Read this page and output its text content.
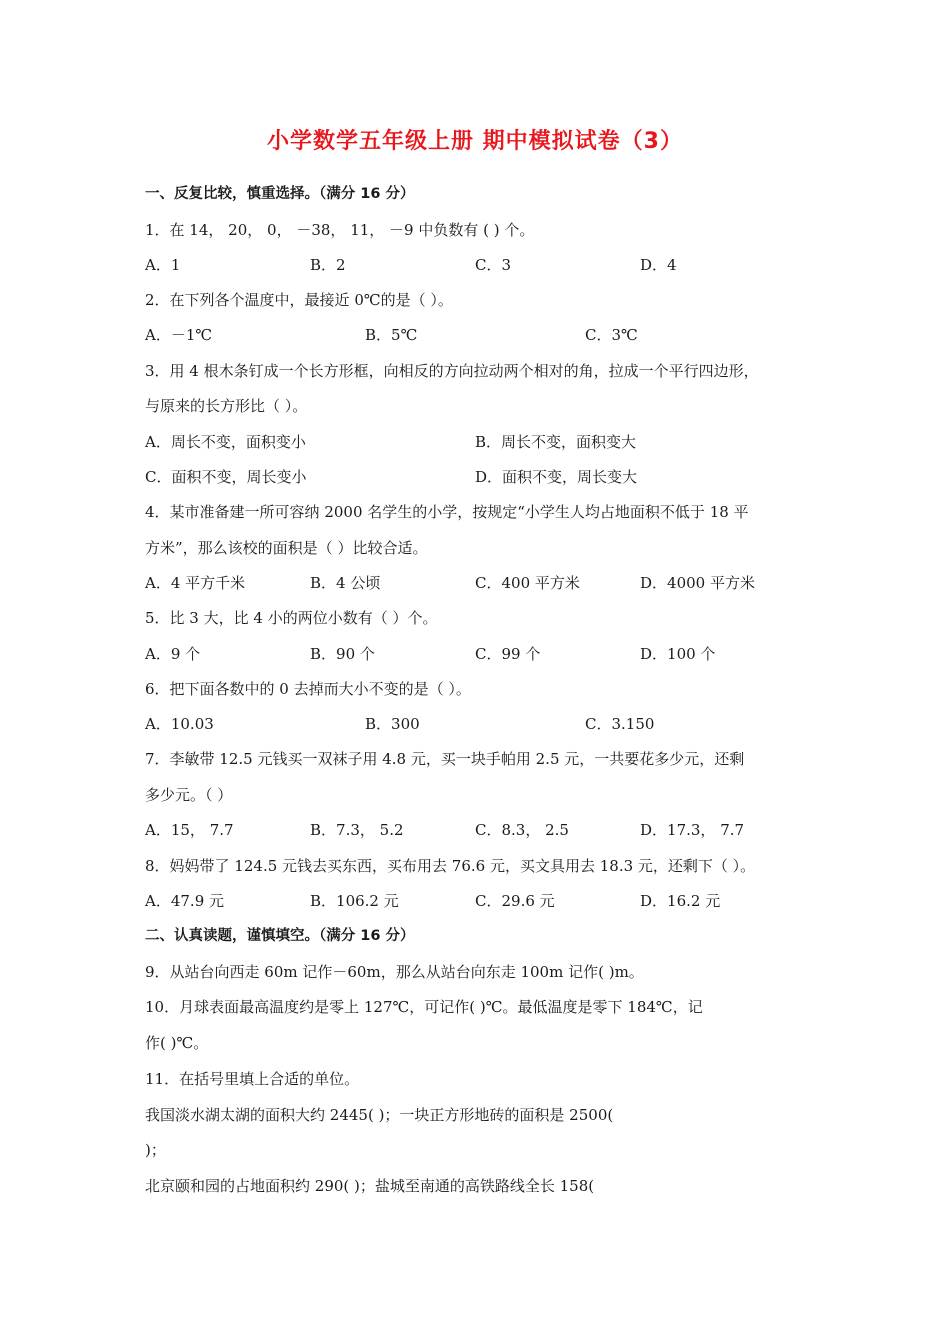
小学数学五年级上册 期中模拟试卷（3）
一、反复比较，慎重选择。（满分 16 分）
1．在 14， 20， 0， －38， 11， －9 中负数有 ( ) 个。
A．1	B．2	C．3	D．4
2．在下列各个温度中，最接近 0℃的是（ ）。
A．－1℃	B．5℃	C．3℃
3．用 4 根木条钉成一个长方形框，向相反的方向拉动两个相对的角，拉成一个平行四边形，
与原来的长方形比（ ）。
A．周长不变，面积变小	B．周长不变，面积变大
C．面积不变，周长变小	D．面积不变，周长变大
4．某市准备建一所可容纳 2000 名学生的小学，按规定“小学生人均占地面积不低于 18 平
方米”，那么该校的面积是（ ）比较合适。
A．4 平方千米	B．4 公顷	C．400 平方米	D．4000 平方米
5．比 3 大，比 4 小的两位小数有（ ）个。
A．9 个	B．90 个	C．99 个	D．100 个
6．把下面各数中的 0 去掉而大小不变的是（ ）。
A．10.03	B．300	C．3.150
7．李敏带 12.5 元钱买一双袜子用 4.8 元，买一块手帕用 2.5 元，一共要花多少元，还剩
多少元。（ ）
A．15， 7.7	B．7.3， 5.2	C．8.3， 2.5	D．17.3， 7.7
8．妈妈带了 124.5 元钱去买东西，买布用去 76.6 元，买文具用去 18.3 元，还剩下（ ）。
A．47.9 元	B．106.2 元	C．29.6 元	D．16.2 元
二、认真读题，谨慎填空。（满分 16 分）
9．从站台向西走 60m 记作－60m，那么从站台向东走 100m 记作( )m。
10．月球表面最高温度约是零上 127℃，可记作( )℃。最低温度是零下 184℃，记
作( )℃。
11．在括号里填上合适的单位。
我国淡水湖太湖的面积大约 2445( )；一块正方形地砖的面积是 2500(
)；
北京颐和园的占地面积约 290( )；盐城至南通的高铁路线全长 158(
